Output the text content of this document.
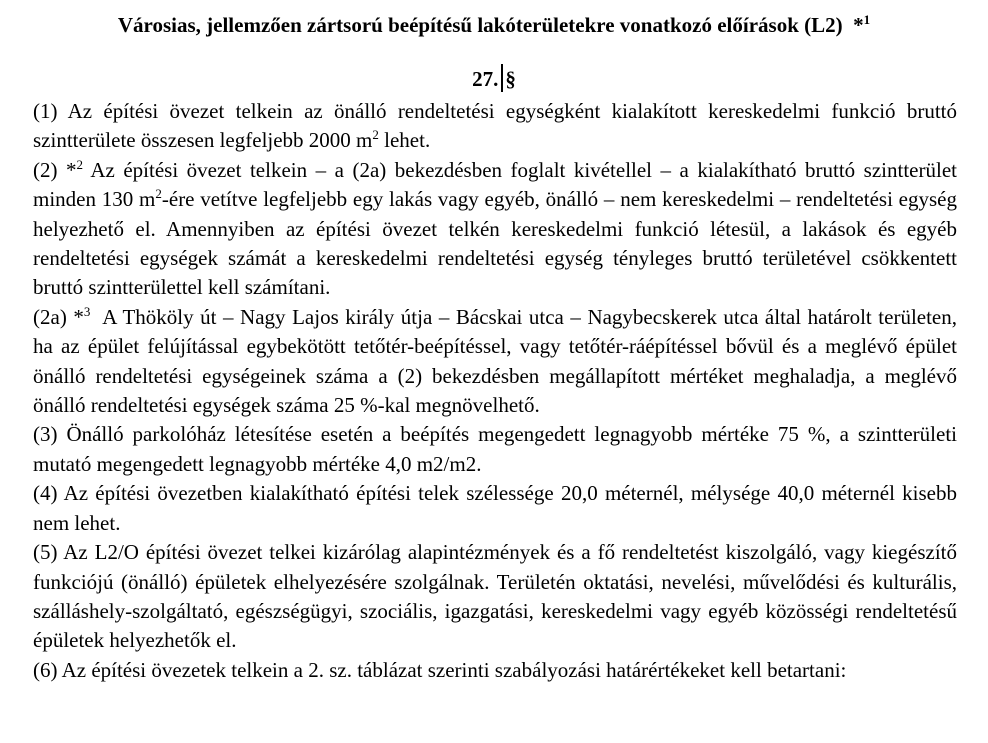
Városias, jellemzően zártsorú beépítésű lakóterületekre vonatkozó előírások (L2) *$^1$
27. §

(1) Az építési övezet telkein az önálló rendeltetési egységként kialakított kereskedelmi funkció bruttó szintterülete összesen legfeljebb 2000 $m^2$ lehet.

(2) *$^2$ Az építési övezet telkein – a (2a) bekezdésben foglalt kivétellel – a kialakítható bruttó szintterület minden 130 $m^2$-ére vetítve legfeljebb egy lakás vagy egyéb, önálló – nem kereskedelmi – rendeltetési egység helyezhető el. Amennyiben az építési övezet telkén kereskedelmi funkció létesül, a lakások és egyéb rendeltetési egységek számát a kereskedelmi rendeltetési egység tényleges bruttó területével csökkentett bruttó szintterülettel kell számítani.

(2a) *$^3$  A Thököly út – Nagy Lajos király útja – Bácskai utca – Nagybecskerek utca által határolt területen, ha az épület felújítással egybekötött tetőtér-beépítéssel, vagy tetőtér-ráépítéssel bővül és a meglévő épület önálló rendeltetési egységeinek száma a (2) bekezdésben megállapított mértéket meghaladja, a meglévő önálló rendeltetési egységek száma 25 %-kal megnövelhető.

(3) Önálló parkolóház létesítése esetén a beépítés megengedett legnagyobb mértéke 75 %, a szintterületi mutató megengedett legnagyobb mértéke 4,0 m2/m2.

(4) Az építési övezetben kialakítható építési telek szélessége 20,0 méternél, mélysége 40,0 méternél kisebb nem lehet.

(5) Az L2/O építési övezet telkei kizárólag alapintézmények és a fő rendeltetést kiszolgáló, vagy kiegészítő funkciójú (önálló) épületek elhelyezésére szolgálnak. Területén oktatási, nevelési, művelődési és kulturális, szálláshely-szolgáltató, egészségügyi, szociális, igazgatási, kereskedelmi vagy egyéb közösségi rendeltetésű épületek helyezhetők el.

(6) Az építési övezetek telkein a 2. sz. táblázat szerinti szabályozási határértékeket kell betartani:
